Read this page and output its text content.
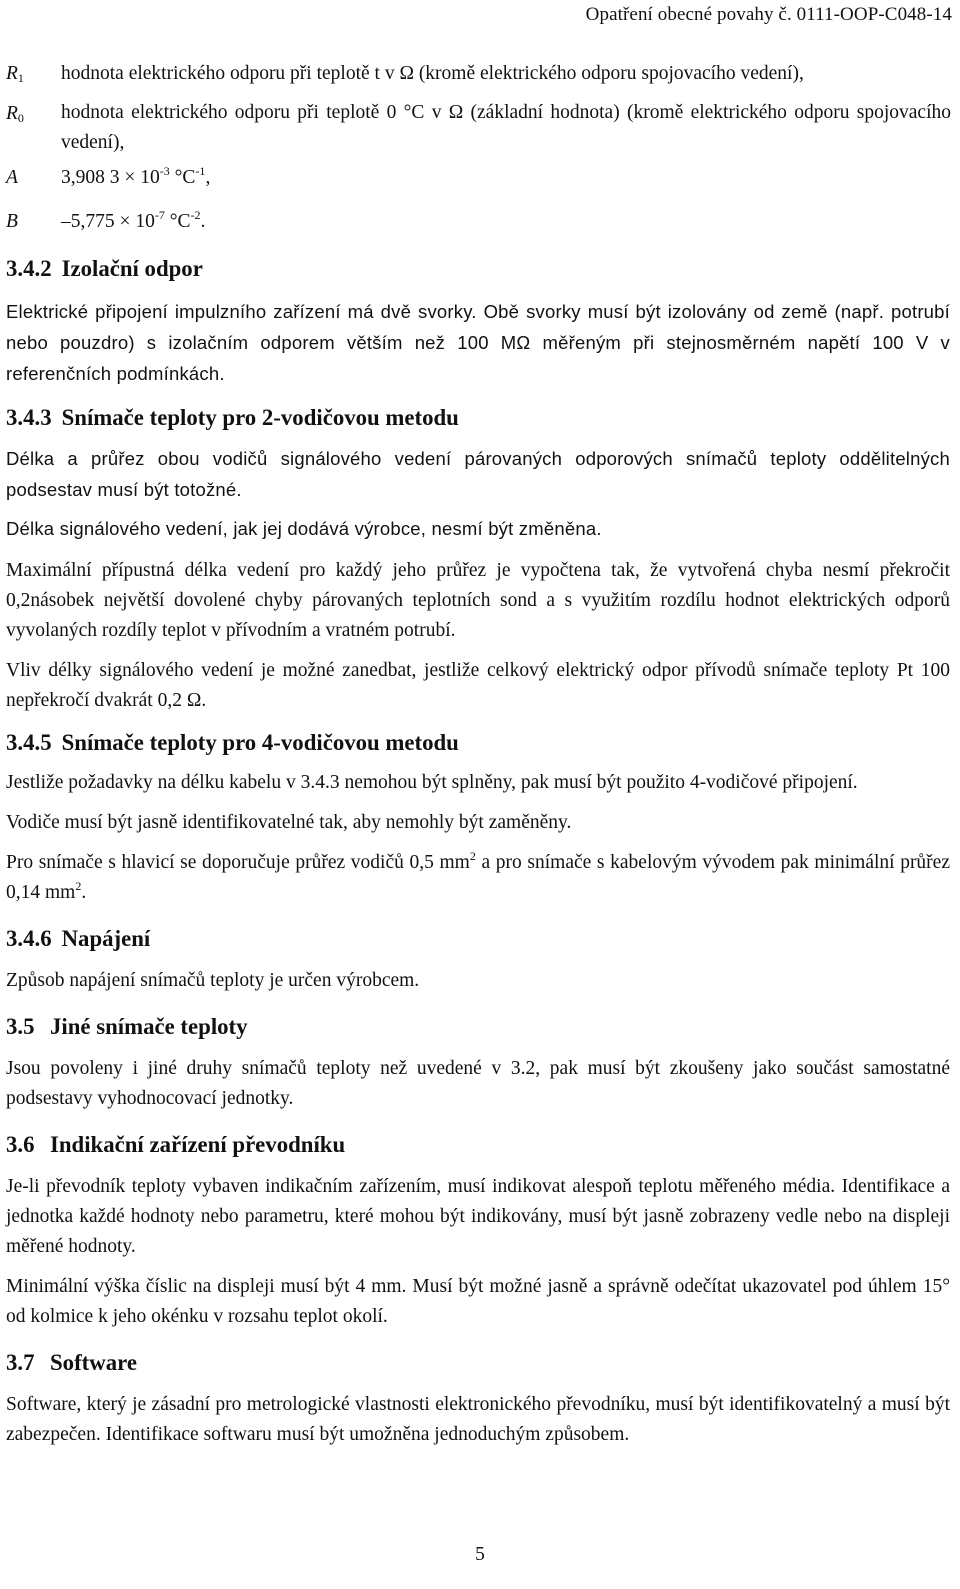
Opatření obecné povahy č. 0111-OOP-C048-14
$R_1$	hodnota elektrického odporu při teplotě t v Ω (kromě elektrického odporu spojovacího vedení),
$R_0$	hodnota elektrického odporu při teplotě 0 °C v Ω (základní hodnota) (kromě elektrického odporu spojovacího vedení),
A	3,908 $3 \times 10^{-3}$ $^\circ C^{-1}$,
B	$-5,775 \times 10^{-7}$ $^\circ C^{-2}$.
3.4.2 Izolační odpor

Elektrické připojení impulzního zařízení má dvě svorky. Obě svorky musí být izolovány od země (např. potrubí nebo pouzdro) s izolačním odporem větším než 100 MΩ měřeným při stejnosměrném napětí 100 V v referenčních podmínkách.

3.4.3 Snímače teploty pro 2-vodičovou metodu

Délka a průřez obou vodičů signálového vedení párovaných odporových snímačů teploty oddělitelných podsestav musí být totožné.

Délka signálového vedení, jak jej dodává výrobce, nesmí být změněna.

Maximální přípustná délka vedení pro každý jeho průřez je vypočtena tak, že vytvořená chyba nesmí překročit 0,2násobek největší dovolené chyby párovaných teplotních sond a s využitím rozdílu hodnot elektrických odporů vyvolaných rozdíly teplot v přívodním a vratném potrubí.

Vliv délky signálového vedení je možné zanedbat, jestliže celkový elektrický odpor přívodů snímače teploty Pt 100 nepřekročí dvakrát 0,2 Ω.

3.4.5 Snímače teploty pro 4-vodičovou metodu

Jestliže požadavky na délku kabelu v 3.4.3 nemohou být splněny, pak musí být použito 4-vodičové připojení.

Vodiče musí být jasně identifikovatelné tak, aby nemohly být zaměněny.

Pro snímače s hlavicí se doporučuje průřez vodičů 0,5 $mm^2$ a pro snímače s kabelovým vývodem pak minimální průřez 0,14 $mm^2$.

3.4.6 Napájení

Způsob napájení snímačů teploty je určen výrobcem.

3.5 Jiné snímače teploty

Jsou povoleny i jiné druhy snímačů teploty než uvedené v 3.2, pak musí být zkoušeny jako součást samostatné podsestavy vyhodnocovací jednotky.

3.6 Indikační zařízení převodníku

Je-li převodník teploty vybaven indikačním zařízením, musí indikovat alespoň teplotu měřeného média. Identifikace a jednotka každé hodnoty nebo parametru, které mohou být indikovány, musí být jasně zobrazeny vedle nebo na displeji měřené hodnoty.

Minimální výška číslic na displeji musí být 4 mm. Musí být možné jasně a správně odečítat ukazovatel pod úhlem 15° od kolmice k jeho okénku v rozsahu teplot okolí.

3.7 Software

Software, který je zásadní pro metrologické vlastnosti elektronického převodníku, musí být identifikovatelný a musí být zabezpečen. Identifikace softwaru musí být umožněna jednoduchým způsobem.

5
